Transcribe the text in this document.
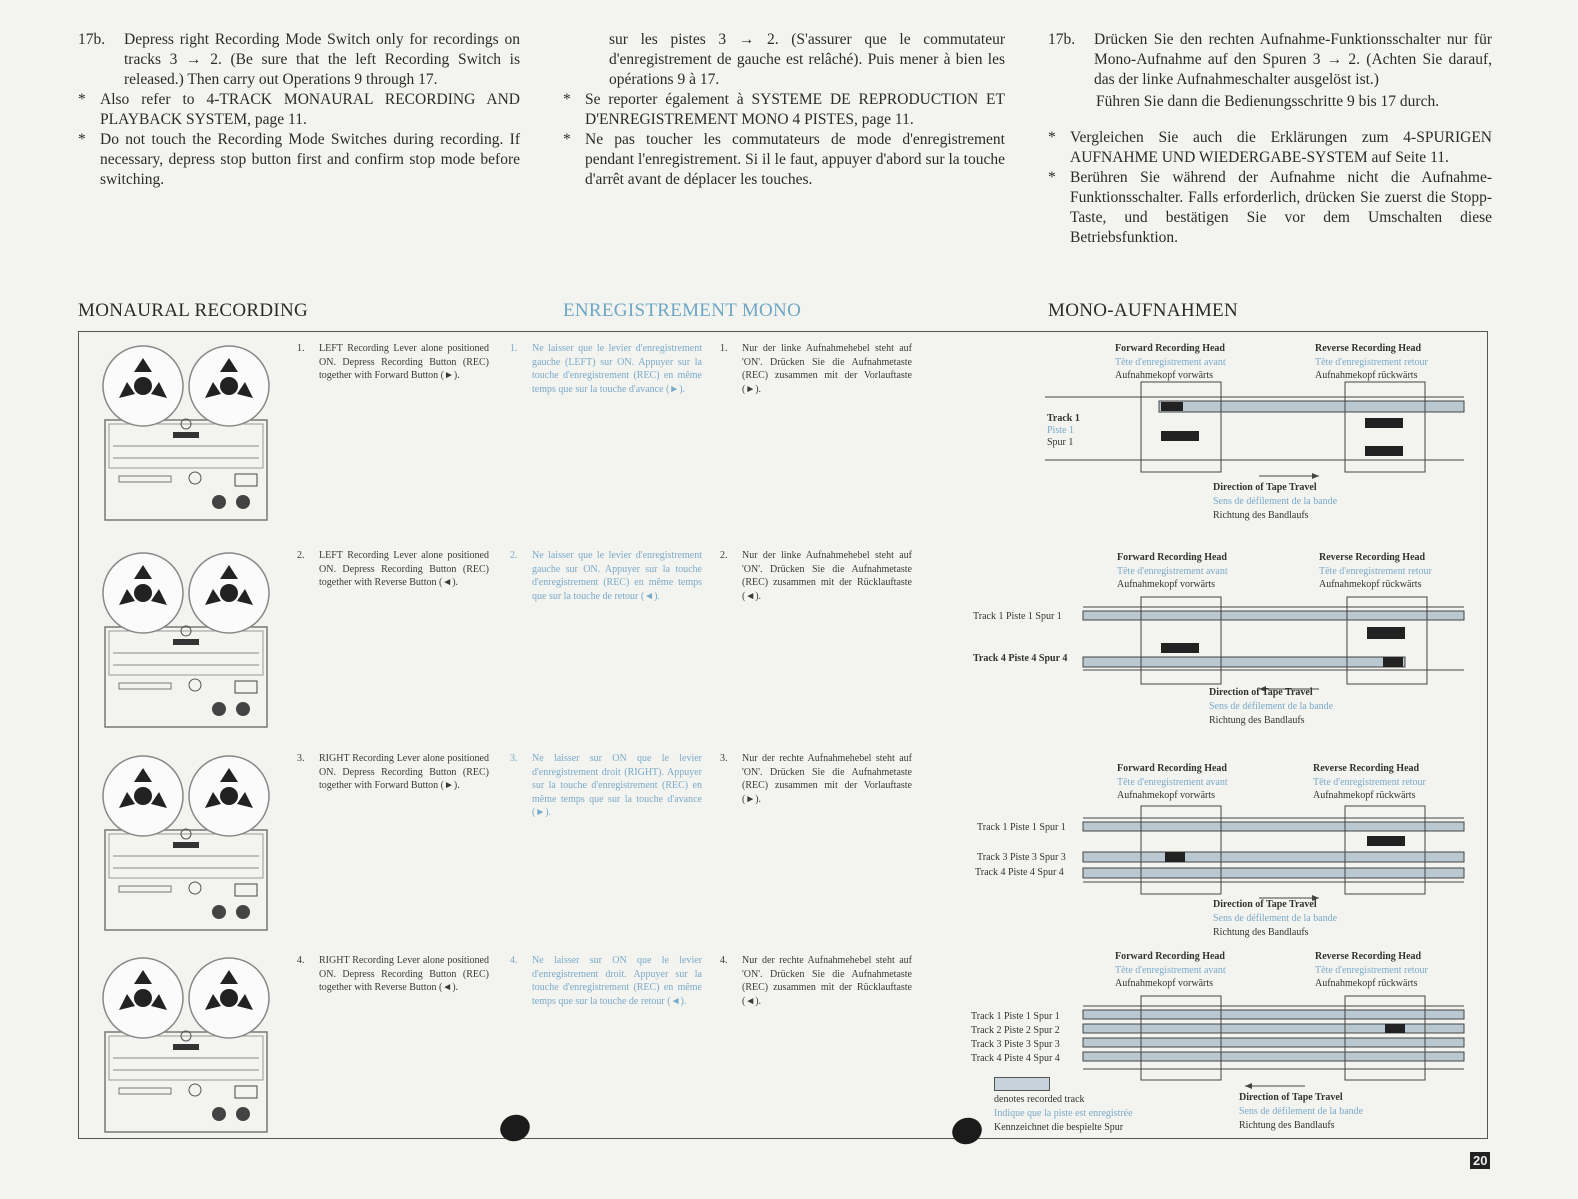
17b. Depress right Recording Mode Switch only for recordings on tracks 3 → 2. (Be sure that the left Recording Switch is released.) Then carry out Operations 9 through 17.

* Also refer to 4-TRACK MONAURAL RECORDING AND PLAYBACK SYSTEM, page 11.

* Do not touch the Recording Mode Switches during recording. If necessary, depress stop button first and confirm stop mode before switching.

sur les pistes 3 → 2. (S'assurer que le commutateur d'enregistrement de gauche est relâché). Puis mener à bien les opérations 9 à 17.

* Se reporter également à SYSTEME DE REPRODUCTION ET D'ENREGISTREMENT MONO 4 PISTES, page 11.

* Ne pas toucher les commutateurs de mode d'enregistrement pendant l'enregistrement. Si il le faut, appuyer d'abord sur la touche d'arrêt avant de déplacer les touches.

17b. Drücken Sie den rechten Aufnahme-Funktionsschalter nur für Mono-Aufnahme auf den Spuren 3 → 2. (Achten Sie darauf, das der linke Aufnahmeschalter ausgelöst ist.)

Führen Sie dann die Bedienungsschritte 9 bis 17 durch.

* Vergleichen Sie auch die Erklärungen zum 4-SPURIGEN AUFNAHME UND WIEDERGABE-SYSTEM auf Seite 11.

* Berühren Sie während der Aufnahme nicht die Aufnahme-Funktionsschalter. Falls erforderlich, drücken Sie zuerst die Stopp-Taste, und bestätigen Sie vor dem Umschalten diese Betriebsfunktion.

MONAURAL RECORDING	ENREGISTREMENT MONO	MONO-AUFNAHMEN
1. LEFT Recording Lever alone positioned ON. Depress Recording Button (REC) together with Forward Button (►).
1. Ne laisser que le levier d'enregistrement gauche (LEFT) sur ON. Appuyer sur la touche d'enregistrement (REC) en même temps que sur la touche d'avance (►).
1. Nur der linke Aufnahmehebel steht auf 'ON'. Drücken Sie die Aufnahmetaste (REC) zusammen mit der Vorlauftaste (►).
Forward Recording Head
Tête d'enregistrement avant
Aufnahmekopf vorwärts
Reverse Recording Head
Tête d'enregistrement retour
Aufnahmekopf rückwärts
Track 1
Piste 1
Spur 1
Direction of Tape Travel
Sens de défilement de la bande
Richtung des Bandlaufs
2. LEFT Recording Lever alone positioned ON. Depress Recording Button (REC) together with Reverse Button (◄).
2. Ne laisser que le levier d'enregistrement gauche sur ON. Appuyer sur la touche d'enregistrement (REC) en même temps que sur la touche de retour (◄).
2. Nur der linke Aufnahmehebel steht auf 'ON'. Drücken Sie die Aufnahmetaste (REC) zusammen mit der Rücklauftaste (◄).
Forward Recording Head
Tête d'enregistrement avant
Aufnahmekopf vorwärts
Reverse Recording Head
Tête d'enregistrement retour
Aufnahmekopf rückwärts
Track 1 Piste 1 Spur 1
Track 4 Piste 4 Spur 4
Direction of Tape Travel
Sens de défilement de la bande
Richtung des Bandlaufs
3. RIGHT Recording Lever alone positioned ON. Depress Recording Button (REC) together with Forward Button (►).
3. Ne laisser sur ON que le levier d'enregistrement droit (RIGHT). Appuyer sur la touche d'enregistrement (REC) en même temps que sur la touche d'avance (►).
3. Nur der rechte Aufnahmehebel steht auf 'ON'. Drücken Sie die Aufnahmetaste (REC) zusammen mit der Vorlauftaste (►).
Forward Recording Head
Tête d'enregistrement avant
Aufnahmekopf vorwärts
Reverse Recording Head
Tête d'enregistrement retour
Aufnahmekopf rückwärts
Track 1 Piste 1 Spur 1
Track 3 Piste 3 Spur 3
Track 4 Piste 4 Spur 4
Direction of Tape Travel
Sens de défilement de la bande
Richtung des Bandlaufs
4. RIGHT Recording Lever alone positioned ON. Depress Recording Button (REC) together with Reverse Button (◄).
4. Ne laisser sur ON que le levier d'enregistrement droit. Appuyer sur la touche d'enregistrement (REC) en même temps que sur la touche de retour (◄).
4. Nur der rechte Aufnahmehebel steht auf 'ON'. Drücken Sie die Aufnahmetaste (REC) zusammen mit der Rücklauftaste (◄).
Forward Recording Head
Tête d'enregistrement avant
Aufnahmekopf vorwärts
Reverse Recording Head
Tête d'enregistrement retour
Aufnahmekopf rückwärts
Track 1 Piste 1 Spur 1
Track 2 Piste 2 Spur 2
Track 3 Piste 3 Spur 3
Track 4 Piste 4 Spur 4
Direction of Tape Travel
Sens de défilement de la bande
Richtung des Bandlaufs
denotes recorded track
Indique que la piste est enregistrée
Kennzeichnet die bespielte Spur
20
